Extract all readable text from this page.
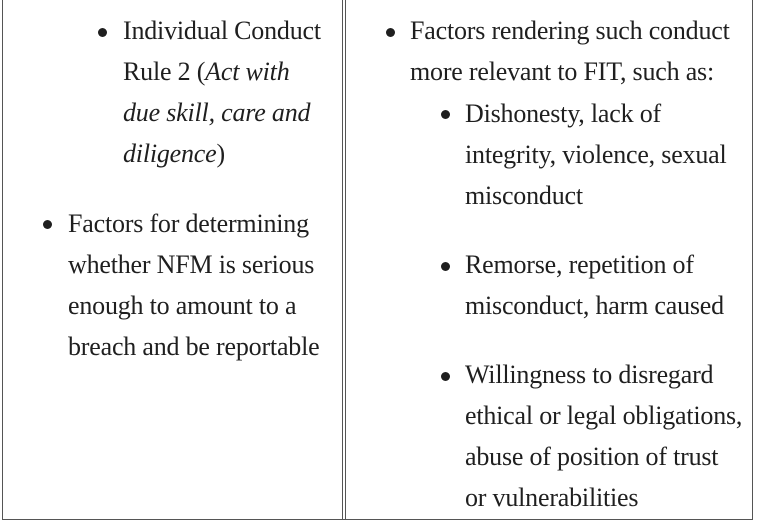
Individual Conduct
Rule 2 (Act with
due skill, care and
diligence)
Factors for determining
whether NFM is serious
enough to amount to a
breach and be reportable
Factors rendering such conduct
more relevant to FIT, such as:
Dishonesty, lack of
integrity, violence, sexual
misconduct
Remorse, repetition of
misconduct, harm caused
Willingness to disregard
ethical or legal obligations,
abuse of position of trust
or vulnerabilities
